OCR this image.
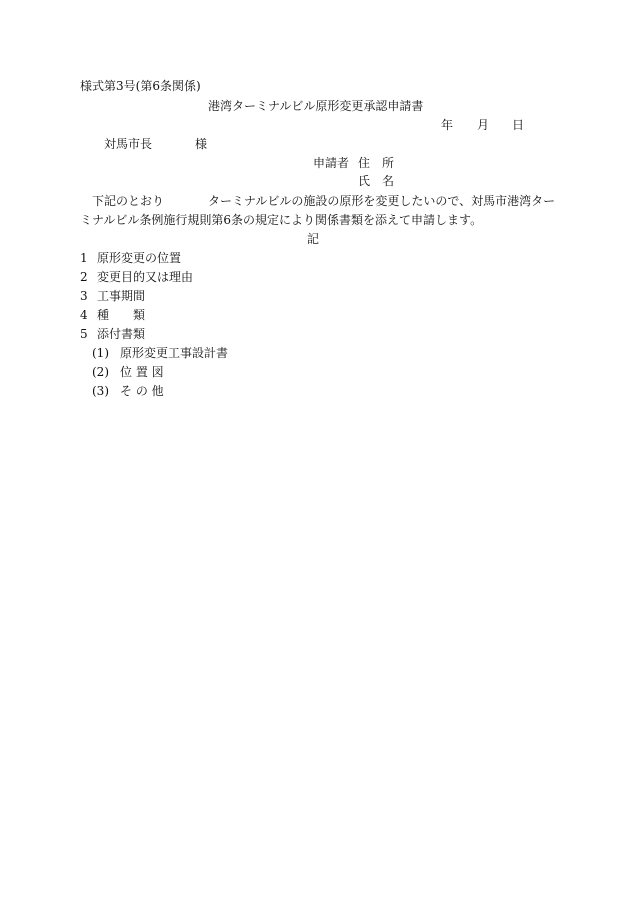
様式第3号(第6条関係)
港湾ターミナルビル原形変更承認申請書
年 月 日
対馬市長	様
申請者 住　所
氏　名
下記のとおり	ターミナルビルの施設の原形を変更したいので、対馬市港湾ター
ミナルビル条例施行規則第6条の規定により関係書類を添えて申請します。
記
1 原形変更の位置
2 変更目的又は理由
3 工事期間
4 種　　類
5 添付書類
(1) 原形変更工事設計書
(2) 位 置 図
(3) そ の 他
